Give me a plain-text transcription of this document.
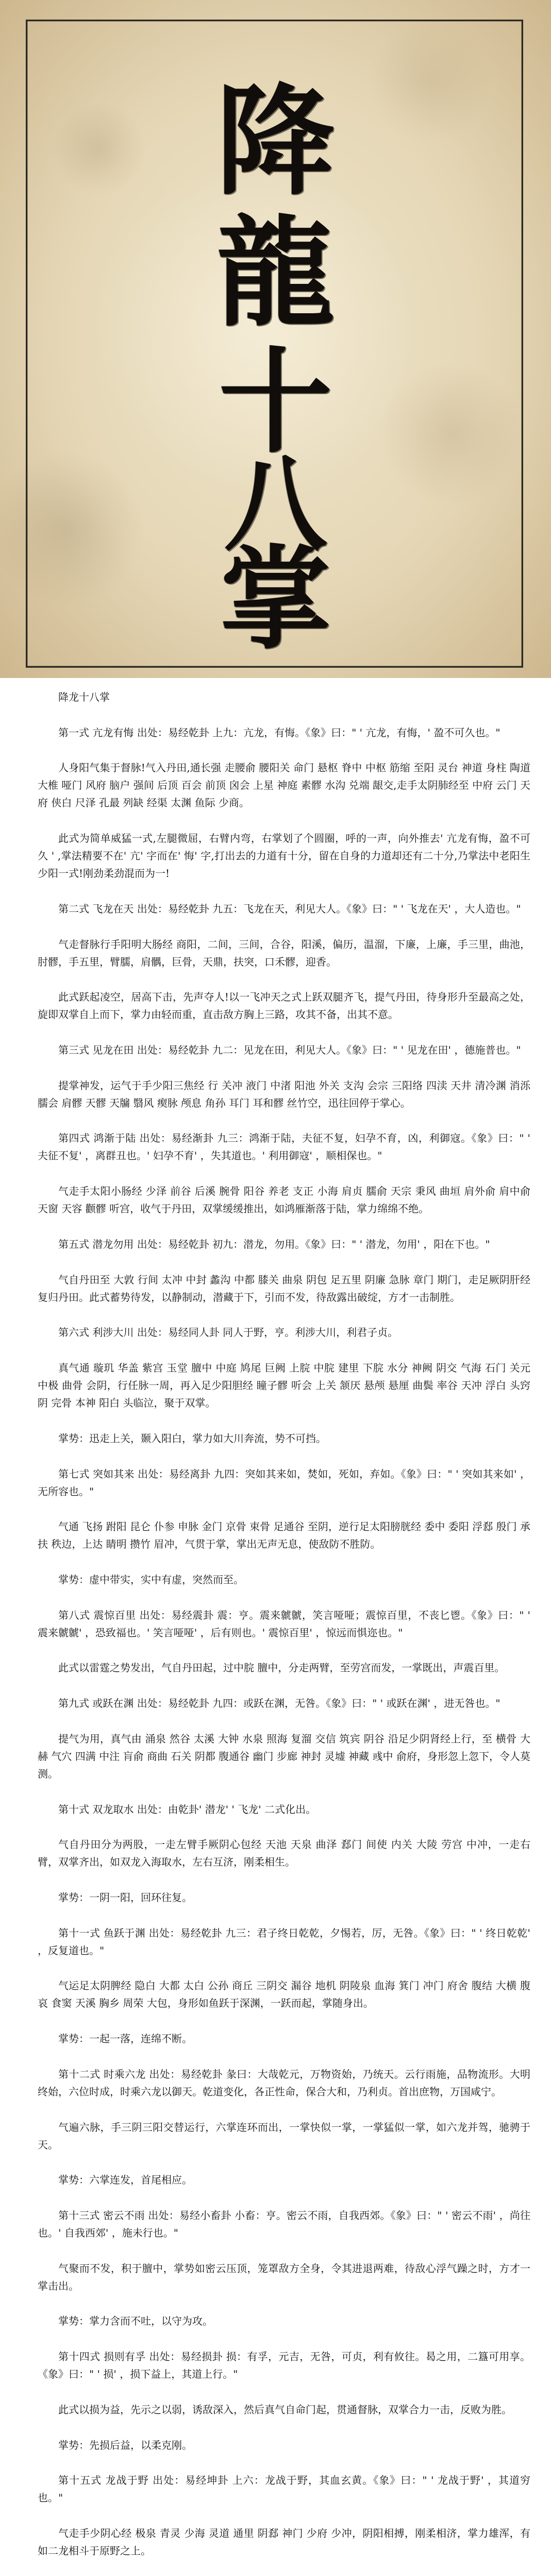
降
龍
十
八
掌

降龙十八掌

第一式 亢龙有悔 出处：易经乾卦 上九：亢龙，有悔。《象》曰：" ' 亢龙，有悔，' 盈不可久也。"

人身阳气集于督脉!气入丹田,通长强 走腰俞 腰阳关 命门 悬枢 脊中 中枢 筋缩 至阳 灵台 神道 身柱 陶道 大椎 哑门 风府 脑户 强间 后顶 百会 前顶 囟会 上星 神庭 素髎 水沟 兑端 龈交,走手太阴肺经至 中府 云门 天府 侠白 尺泽 孔最 列缺 经渠 太渊 鱼际 少商。

此式为简单威猛一式,左腿微屈，右臂内弯，右掌划了个圆圈，呼的一声，向外推去' 亢龙有悔，盈不可久 ' ,掌法精要不在' 亢' 字而在' 悔' 字,打出去的力道有十分，留在自身的力道却还有二十分,乃掌法中老阳生少阳一式!刚劲柔劲混而为一!

第二式 飞龙在天 出处：易经乾卦 九五：飞龙在天，利见大人。《象》曰：" ' 飞龙在天' ，大人造也。"

气走督脉行手阳明大肠经 商阳，二间，三间，合谷，阳溪，偏历，温溜，下廉，上廉，手三里，曲池，肘髎，手五里，臂臑，肩髃，巨骨，天鼎，扶突，口禾髎，迎香。

此式跃起凌空，居高下击，先声夺人!以一飞冲天之式上跃双腿齐飞，提气丹田，待身形升至最高之处，旋即双掌自上而下，掌力由轻而重，直击敌方胸上三路，攻其不备，出其不意。

第三式 见龙在田 出处：易经乾卦 九二：见龙在田，利见大人。《象》曰：" ' 见龙在田' ，德施普也。"

提掌神发，运气于手少阳三焦经 行 关冲 液门 中渚 阳池 外关 支沟 会宗 三阳络 四渎 天井 清冷渊 消泺 臑会 肩髎 天髎 天牖 翳风 瘈脉 颅息 角孙 耳门 耳和髎 丝竹空，迅往回停于掌心。

第四式 鸿渐于陆 出处：易经渐卦 九三：鸿渐于陆，夫征不复，妇孕不育，凶，利御寇。《象》曰：" ' 夫征不复' ，离群丑也。' 妇孕不育' ，失其道也。' 利用御寇' ，顺相保也。"

气走手太阳小肠经 少泽 前谷 后溪 腕骨 阳谷 养老 支正 小海 肩贞 臑俞 天宗 秉风 曲垣 肩外俞 肩中俞 天窗 天容 颧髎 听宫，收气于丹田，双掌缓缓推出，如鸿雁渐落于陆，掌力绵绵不绝。

第五式 潜龙勿用 出处：易经乾卦 初九：潜龙，勿用。《象》曰：" ' 潜龙，勿用' ，阳在下也。"

气自丹田至 大敦 行间 太冲 中封 蠡沟 中都 膝关 曲泉 阴包 足五里 阴廉 急脉 章门 期门，走足厥阴肝经复归丹田。此式蓄势待发，以静制动，潜藏于下，引而不发，待敌露出破绽，方才一击制胜。

第六式 利涉大川 出处：易经同人卦 同人于野，亨。利涉大川，利君子贞。

真气通 璇玑 华盖 紫宫 玉堂 膻中 中庭 鸠尾 巨阙 上脘 中脘 建里 下脘 水分 神阙 阴交 气海 石门 关元 中极 曲骨 会阴，行任脉一周，再入足少阳胆经 瞳子髎 听会 上关 颔厌 悬颅 悬厘 曲鬓 率谷 天冲 浮白 头窍阴 完骨 本神 阳白 头临泣，聚于双掌。

掌势：迅走上关，颞入阳白，掌力如大川奔流，势不可挡。

第七式 突如其来 出处：易经离卦 九四：突如其来如，焚如，死如，弃如。《象》曰：" ' 突如其来如' ，无所容也。"

气通 飞扬 跗阳 昆仑 仆参 申脉 金门 京骨 束骨 足通谷 至阴，逆行足太阳膀胱经 委中 委阳 浮郄 殷门 承扶 秩边，上达 睛明 攒竹 眉冲，气贯于掌，掌出无声无息，使敌防不胜防。

掌势：虚中带实，实中有虚，突然而至。

第八式 震惊百里 出处：易经震卦 震：亨。震来虩虩，笑言哑哑；震惊百里，不丧匕鬯。《象》曰：" ' 震来虩虩' ，恐致福也。' 笑言哑哑' ，后有则也。' 震惊百里' ，惊远而惧迩也。"

此式以雷霆之势发出，气自丹田起，过中脘 膻中，分走两臂，至劳宫而发，一掌既出，声震百里。

第九式 或跃在渊 出处：易经乾卦 九四：或跃在渊，无咎。《象》曰：" ' 或跃在渊' ，进无咎也。"

提气为用，真气由 涌泉 然谷 太溪 大钟 水泉 照海 复溜 交信 筑宾 阴谷 沿足少阴肾经上行，至 横骨 大赫 气穴 四满 中注 肓俞 商曲 石关 阴都 腹通谷 幽门 步廊 神封 灵墟 神藏 彧中 俞府，身形忽上忽下，令人莫测。

第十式 双龙取水 出处：由乾卦' 潜龙' ' 飞龙' 二式化出。

气自丹田分为两股，一走左臂手厥阴心包经 天池 天泉 曲泽 郄门 间使 内关 大陵 劳宫 中冲，一走右臂，双掌齐出，如双龙入海取水，左右互济，刚柔相生。

掌势：一阴一阳，回环往复。

第十一式 鱼跃于渊 出处：易经乾卦 九三：君子终日乾乾，夕惕若，厉，无咎。《象》曰：" ' 终日乾乾' ，反复道也。"

气运足太阴脾经 隐白 大都 太白 公孙 商丘 三阴交 漏谷 地机 阴陵泉 血海 箕门 冲门 府舍 腹结 大横 腹哀 食窦 天溪 胸乡 周荣 大包，身形如鱼跃于深渊，一跃而起，掌随身出。

掌势：一起一落，连绵不断。

第十二式 时乘六龙 出处：易经乾卦 彖曰：大哉乾元，万物资始，乃统天。云行雨施，品物流形。大明终始，六位时成，时乘六龙以御天。乾道变化，各正性命，保合大和，乃利贞。首出庶物，万国咸宁。

气遍六脉，手三阴三阳交替运行，六掌连环而出，一掌快似一掌，一掌猛似一掌，如六龙并驾，驰骋于天。

掌势：六掌连发，首尾相应。

第十三式 密云不雨 出处：易经小畜卦 小畜：亨。密云不雨，自我西郊。《象》曰：" ' 密云不雨' ，尚往也。' 自我西郊' ，施未行也。"

气聚而不发，积于膻中，掌势如密云压顶，笼罩敌方全身，令其进退两难，待敌心浮气躁之时，方才一掌击出。

掌势：掌力含而不吐，以守为攻。

第十四式 损则有孚 出处：易经损卦 损：有孚，元吉，无咎，可贞，利有攸往。曷之用，二簋可用享。《象》曰：" ' 损' ，损下益上，其道上行。"

此式以损为益，先示之以弱，诱敌深入，然后真气自命门起，贯通督脉，双掌合力一击，反败为胜。

掌势：先损后益，以柔克刚。

第十五式 龙战于野 出处：易经坤卦 上六：龙战于野，其血玄黄。《象》曰：" ' 龙战于野' ，其道穷也。"

气走手少阴心经 极泉 青灵 少海 灵道 通里 阴郄 神门 少府 少冲，阴阳相搏，刚柔相济，掌力雄浑，有如二龙相斗于原野之上。
